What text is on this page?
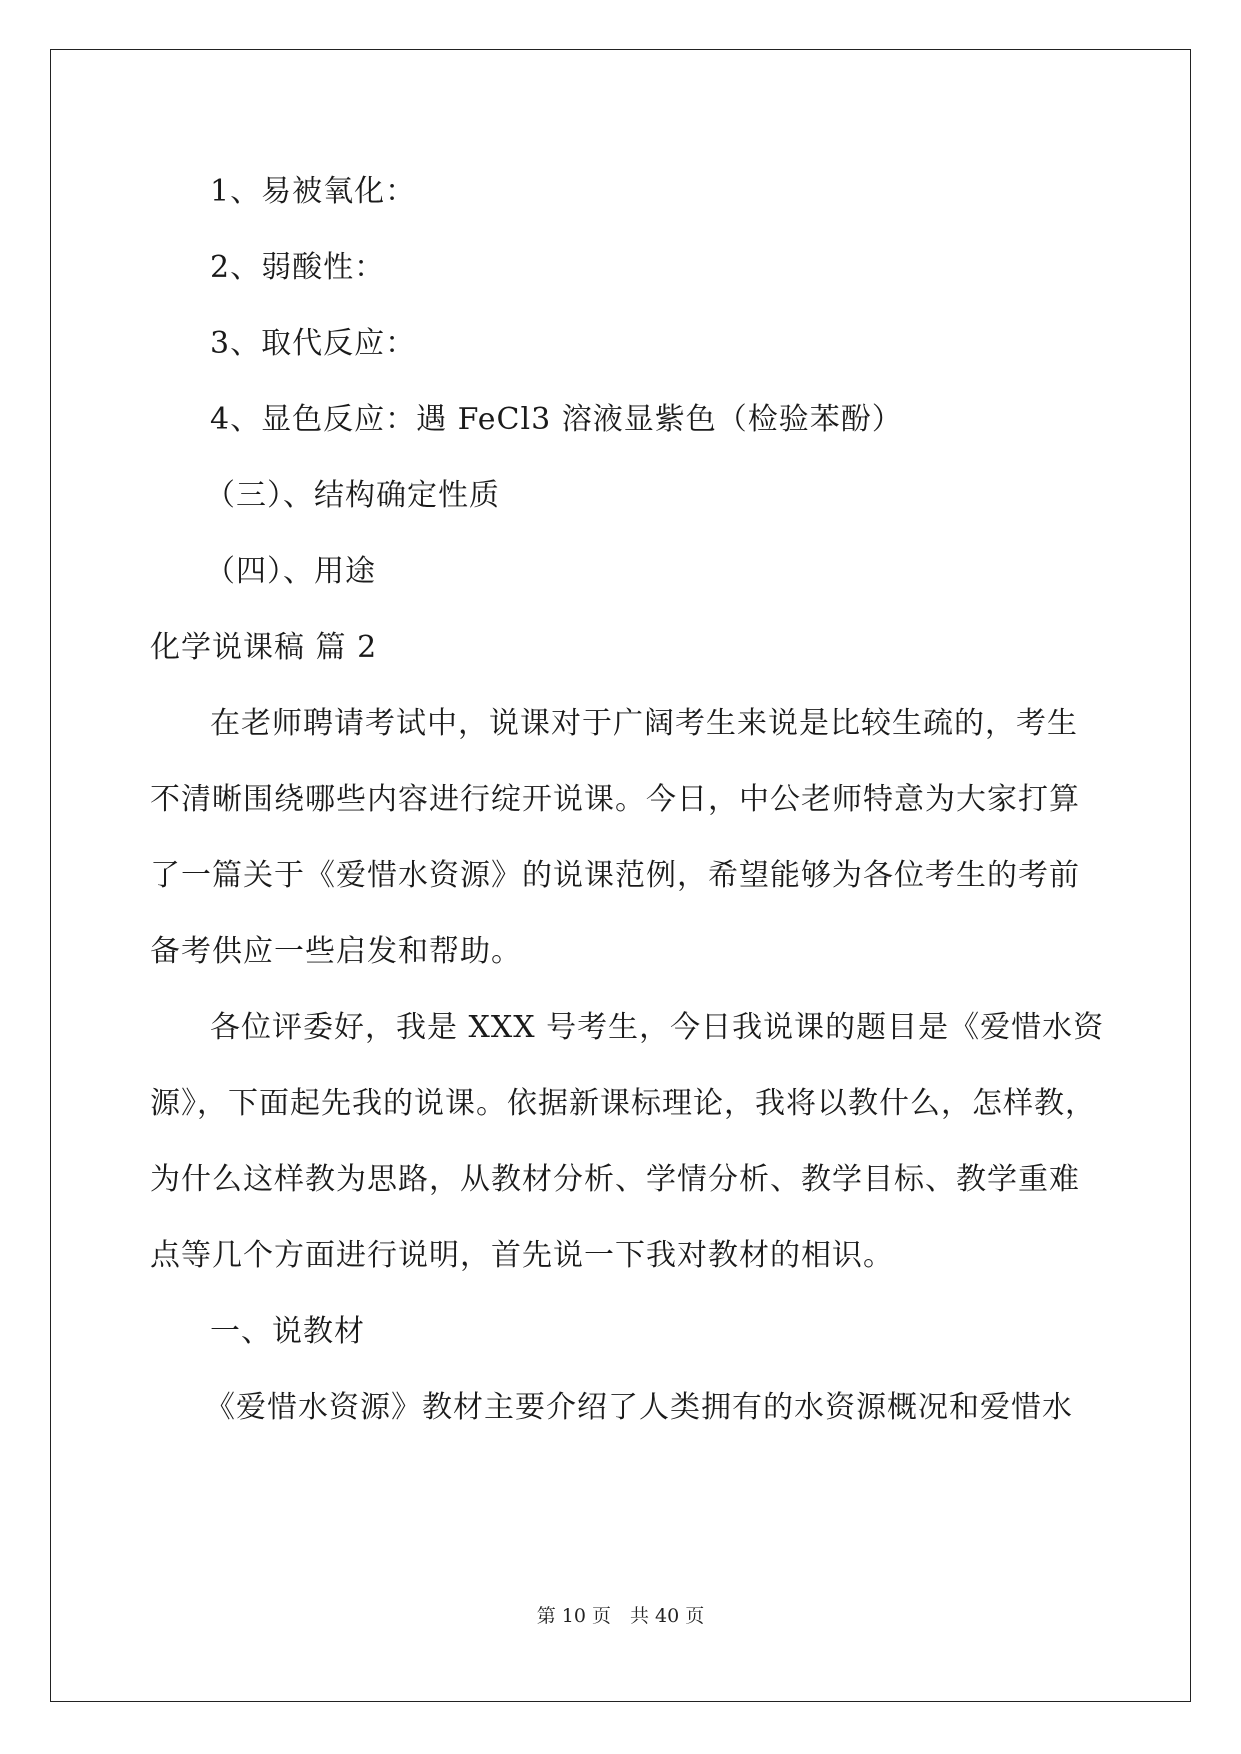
1、易被氧化：
2、弱酸性：
3、取代反应：
4、显色反应：遇 FeCl3 溶液显紫色（检验苯酚）
（三）、结构确定性质
（四）、用途
化学说课稿 篇 2
在老师聘请考试中，说课对于广阔考生来说是比较生疏的，考生
不清晰围绕哪些内容进行绽开说课。今日，中公老师特意为大家打算
了一篇关于《爱惜水资源》的说课范例，希望能够为各位考生的考前
备考供应一些启发和帮助。
各位评委好，我是 XXX 号考生，今日我说课的题目是《爱惜水资
源》，下面起先我的说课。依据新课标理论，我将以教什么，怎样教，
为什么这样教为思路，从教材分析、学情分析、教学目标、教学重难
点等几个方面进行说明，首先说一下我对教材的相识。
一、说教材
《爱惜水资源》教材主要介绍了人类拥有的水资源概况和爱惜水
第 10 页　共 40 页
